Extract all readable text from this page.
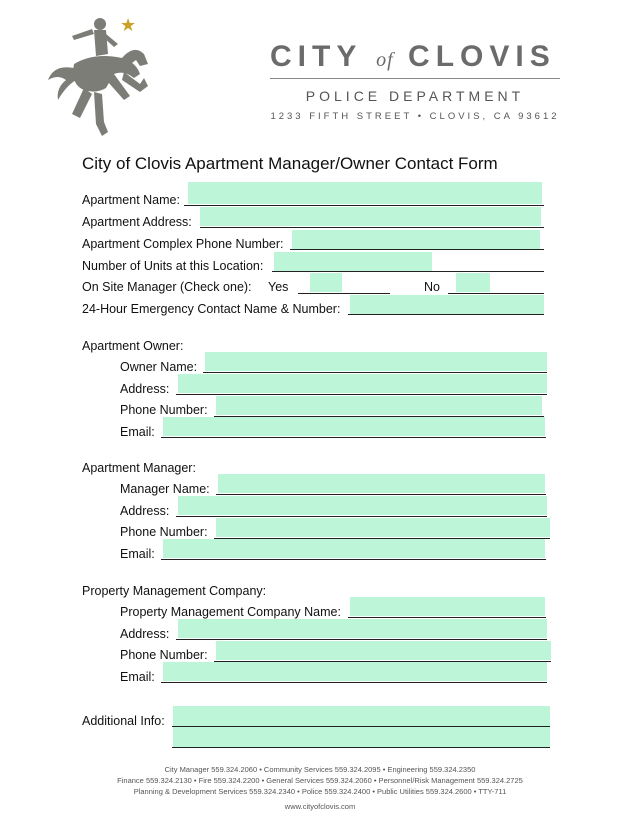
★
CITY of CLOVIS
POLICE DEPARTMENT
1233 FIFTH STREET • CLOVIS, CA 93612
City of Clovis Apartment Manager/Owner Contact Form
Apartment Name:
Apartment Address:
Apartment Complex Phone Number:
Number of Units at this Location:
On Site Manager (Check one): Yes	No
24-Hour Emergency Contact Name & Number:
Apartment Owner:
Owner Name:
Address:
Phone Number:
Email:
Apartment Manager:
Manager Name:
Address:
Phone Number:
Email:
Property Management Company:
Property Management Company Name:
Address:
Phone Number:
Email:
Additional Info:
City Manager 559.324.2060 • Community Services 559.324.2095 • Engineering 559.324.2350
Finance 559.324.2130 • Fire 559.324.2200 • General Services 559.324.2060 • Personnel/Risk Management 559.324.2725
Planning & Development Services 559.324.2340 • Police 559.324.2400 • Public Utilities 559.324.2600 • TTY-711
www.cityofclovis.com
